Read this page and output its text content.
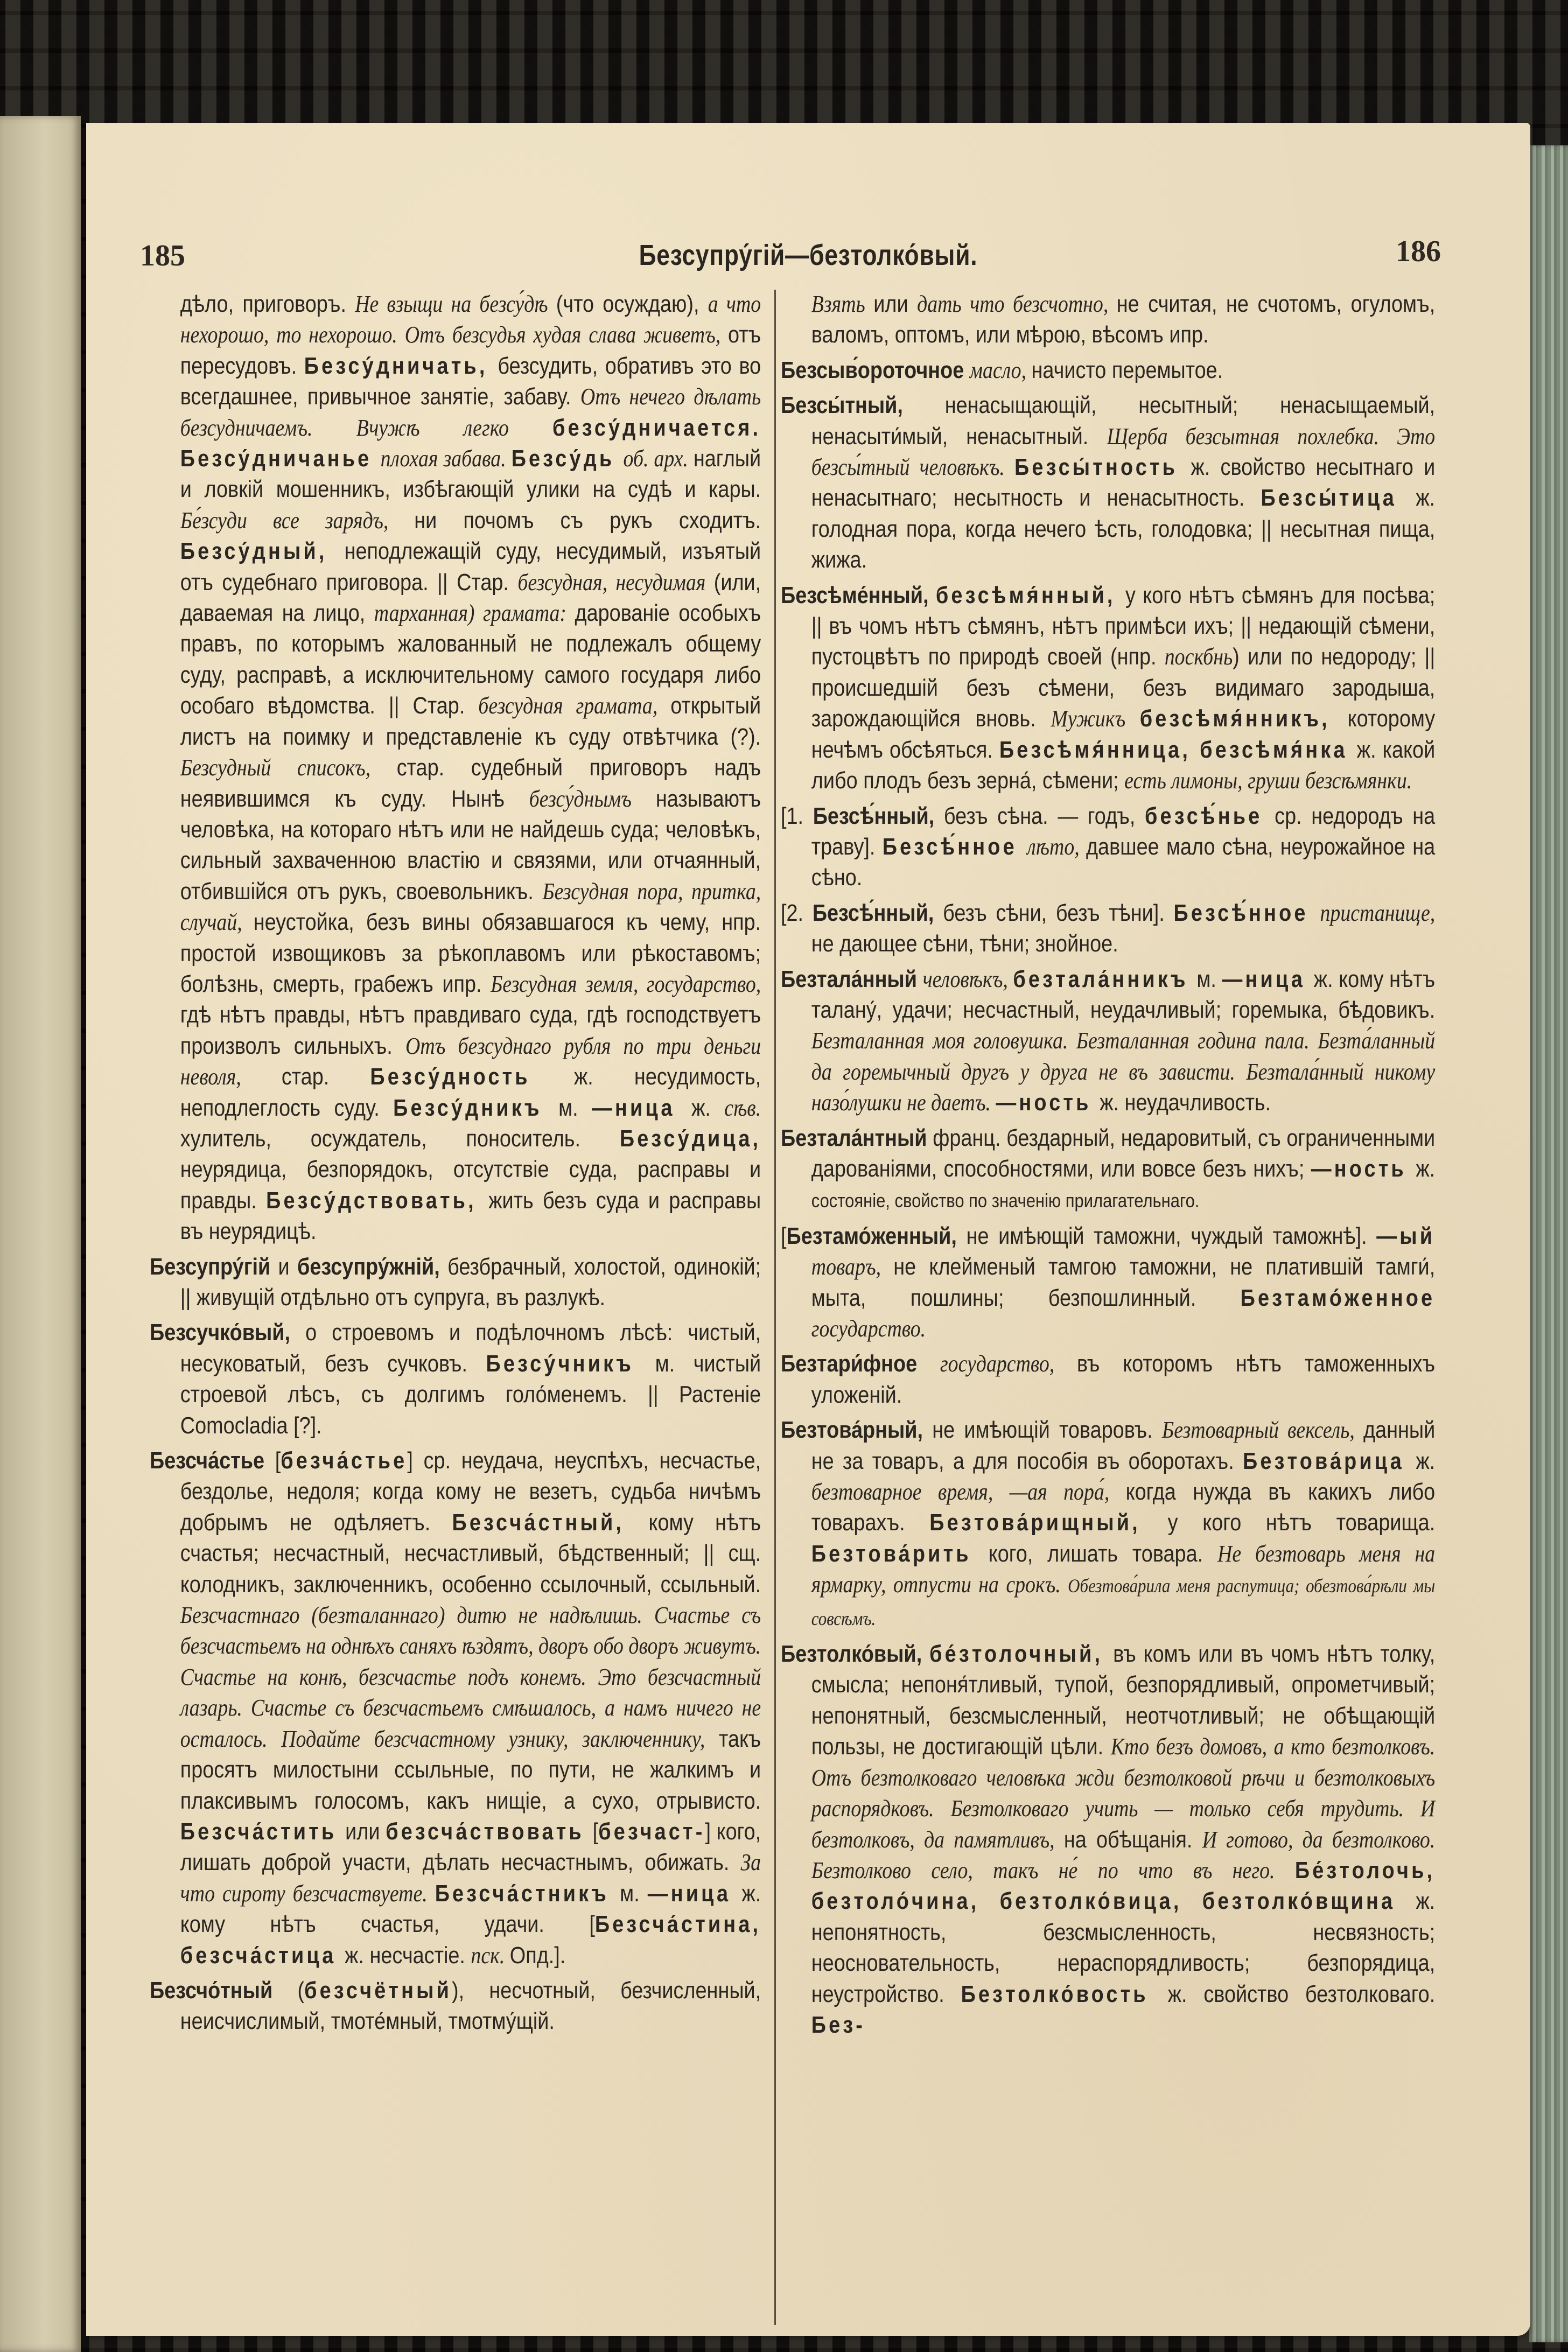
185	Безсупру́гій—безтолко́вый.	186

дѣло, приговоръ. Не взыщи на безсу́дѣ (что осуждаю), а что нехорошо, то нехорошо. Отъ безсудья худая слава живетъ, отъ пересудовъ. Безсу́дничать, безсудить, обративъ это во всегдашнее, привычное занятіе, забаву. Отъ нечего дѣлать безсудничаемъ. Вчужѣ легко безсу́дничается. Безсу́дничанье плохая забава. Безсу́дь об. арх. наглый и ловкій мошенникъ, избѣгающій улики на судѣ и кары. Бе́зсуди все зарядъ, ни почомъ съ рукъ сходитъ. Безсу́дный, неподлежащій суду, несудимый, изъятый отъ судебнаго приговора. || Стар. безсудная, несудимая (или, даваемая на лицо, тарханная) грамата: дарованіе особыхъ правъ, по которымъ жалованный не подлежалъ общему суду, расправѣ, а исключительному самого государя либо особаго вѣдомства. || Стар. безсудная грамата, открытый листъ на поимку и представленіе къ суду отвѣтчика (?). Безсудный списокъ, стар. судебный приговоръ надъ неявившимся къ суду. Нынѣ безсу́днымъ называютъ человѣка, на котораго нѣтъ или не найдешь суда; человѣкъ, сильный захваченною властію и связями, или отчаянный, отбившійся отъ рукъ, своевольникъ. Безсудная пора, притка, случай, неустойка, безъ вины обязавшагося къ чему, нпр. простой извощиковъ за рѣкоплавомъ или рѣкоставомъ; болѣзнь, смерть, грабежъ ипр. Безсудная земля, государство, гдѣ нѣтъ правды, нѣтъ правдиваго суда, гдѣ господствуетъ произволъ сильныхъ. Отъ безсуднаго рубля по три деньги неволя, стар. Безсу́дность ж. несудимость, неподлеглость суду. Безсу́дникъ м. —ница ж. сѣв. хулитель, осуждатель, поноситель. Безсу́дица, неурядица, безпорядокъ, отсутствіе суда, расправы и правды. Безсу́дствовать, жить безъ суда и расправы въ неурядицѣ.

Безсупру́гій и безсупру́жній, безбрачный, холостой, одинокій; || живущій отдѣльно отъ супруга, въ разлукѣ.

Безсучко́вый, о строевомъ и подѣлочномъ лѣсѣ: чистый, несуковатый, безъ сучковъ. Безсу́чникъ м. чистый строевой лѣсъ, съ долгимъ голо́менемъ. || Растеніе Comocladia [?].

Безсча́стье [безча́стье] ср. неудача, неуспѣхъ, несчастье, бездолье, недоля; когда кому не везетъ, судьба ничѣмъ добрымъ не одѣляетъ. Безсча́стный, кому нѣтъ счастья; несчастный, несчастливый, бѣдственный; || сщ. колодникъ, заключенникъ, особенно ссылочный, ссыльный. Безсчастнаго (безталаннаго) дитю не надѣлишь. Счастье съ безсчастьемъ на однѣхъ саняхъ ѣздятъ, дворъ обо дворъ живутъ. Счастье на конѣ, безсчастье подъ конемъ. Это безсчастный лазарь. Счастье съ безсчастьемъ смѣшалось, а намъ ничего не осталось. Подайте безсчастному узнику, заключеннику, такъ просятъ милостыни ссыльные, по пути, не жалкимъ и плаксивымъ голосомъ, какъ нищіе, а сухо, отрывисто. Безсча́стить или безсча́ствовать [безчаст-] кого, лишать доброй участи, дѣлать несчастнымъ, обижать. За что сироту безсчаствуете. Безсча́стникъ м. —ница ж. кому нѣтъ счастья, удачи. [Безсча́стина, безсча́стица ж. несчастіе. пск. Опд.].

Безсчо́тный (безсчётный), несчотный, безчисленный, неисчислимый, тмоте́мный, тмотму́щій.

Взять или дать что безсчотно, не считая, не счотомъ, огуломъ, валомъ, оптомъ, или мѣрою, вѣсомъ ипр.

Безсыв́ороточное масло, начисто перемытое.

Безсы́тный, ненасыщающій, несытный; ненасыщаемый, ненасыти́мый, ненасытный. Щерба безсытная похлебка. Это безсы́тный человѣкъ. Безсы́тность ж. свойство несытнаго и ненасытнаго; несытность и ненасытность. Безсы́тица ж. голодная пора, когда нечего ѣсть, голодовка; || несытная пища, жижа.

Безсѣме́нный, безсѣмя́нный, у кого нѣтъ сѣмянъ для посѣва; || въ чомъ нѣтъ сѣмянъ, нѣтъ примѣси ихъ; || недающій сѣмени, пустоцвѣтъ по природѣ своей (нпр. поскбнь) или по недороду; || происшедшій безъ сѣмени, безъ видимаго зародыша, зарождающійся вновь. Мужикъ безсѣмя́нникъ, которому нечѣмъ обсѣяться. Безсѣмя́нница, безсѣмя́нка ж. какой либо плодъ безъ зерна́, сѣмени; есть лимоны, груши безсѣмянки.

[1. Безсѣ́нный, безъ сѣна. — годъ, безсѣ́нье ср. недородъ на траву]. Безсѣ́нное лѣто, давшее мало сѣна, неурожайное на сѣно.

[2. Безсѣ́нный, безъ сѣни, безъ тѣни]. Безсѣ́нное пристанище, не дающее сѣни, тѣни; знойное.

Безтала́нный человѣкъ, безтала́нникъ м. —ница ж. кому нѣтъ талану́, удачи; несчастный, неудачливый; горемыка, бѣдовикъ. Безталанная моя головушка. Безталанная година пала. Безта́ланный да горемычный другъ у друга не въ зависти. Безтала́нный никому назо́лушки не даетъ. —ность ж. неудачливость.

Безтала́нтный франц. бездарный, недаровитый, съ ограниченными дарованіями, способностями, или вовсе безъ нихъ; —ность ж. состояніе, свойство по значенію прилагательнаго.

[Безтамо́женный, не имѣющій таможни, чуждый таможнѣ]. —ый товаръ, не клейменый тамгою таможни, не платившій тамги́, мыта, пошлины; безпошлинный. Безтамо́женное государство.

Безтари́фное государство, въ которомъ нѣтъ таможенныхъ уложеній.

Безтова́рный, не имѣющій товаровъ. Безтоварный вексель, данный не за товаръ, а для пособія въ оборотахъ. Безтова́рица ж. безтоварное время, —ая пора́, когда нужда въ какихъ либо товарахъ. Безтова́рищный, у кого нѣтъ товарища. Безтова́рить кого, лишать товара. Не безтоварь меня на ярмарку, отпусти на срокъ. Обезтова́рила меня распутица; обезтова́рѣли мы совсѣмъ.

Безтолко́вый, бе́зтолочный, въ комъ или въ чомъ нѣтъ толку, смысла; непоня́тливый, тупой, безпорядливый, опрометчивый; непонятный, безсмысленный, неотчотливый; не обѣщающій пользы, не достигающій цѣли. Кто безъ домовъ, а кто безтолковъ. Отъ безтолковаго человѣка жди безтолковой рѣчи и безтолковыхъ распорядковъ. Безтолковаго учить — только себя трудить. И безтолковъ, да памятливъ, на обѣщанія. И готово, да безтолково. Безтолково село, такъ не́ по что въ него. Бе́зтолочь, безтоло́чина, безтолко́вица, безтолко́вщина ж. непонятность, безсмысленность, несвязность; неосновательность, нераспорядливость; безпорядица, неустройство. Безтолко́вость ж. свойство безтолковаго. Без-
